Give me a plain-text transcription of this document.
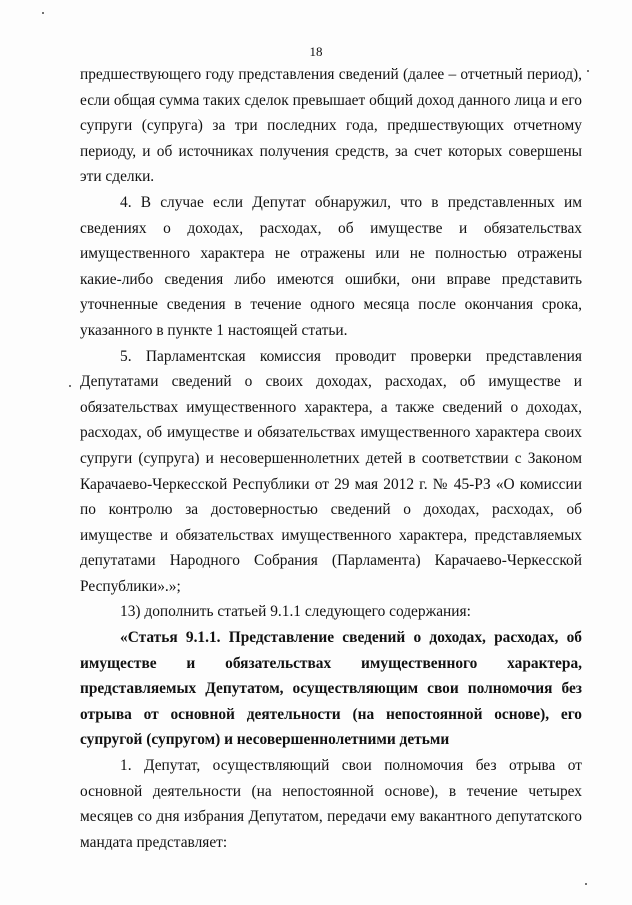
18

предшествующего году представления сведений (далее – отчетный период), если общая сумма таких сделок превышает общий доход данного лица и его супруги (супруга) за три последних года, предшествующих отчетному периоду, и об источниках получения средств, за счет которых совершены эти сделки.

4. В случае если Депутат обнаружил, что в представленных им сведениях о доходах, расходах, об имуществе и обязательствах имущественного характера не отражены или не полностью отражены какие-либо сведения либо имеются ошибки, они вправе представить уточненные сведения в течение одного месяца после окончания срока, указанного в пункте 1 настоящей статьи.

5. Парламентская комиссия проводит проверки представления Депутатами сведений о своих доходах, расходах, об имуществе и обязательствах имущественного характера, а также сведений о доходах, расходах, об имуществе и обязательствах имущественного характера своих супруги (супруга) и несовершеннолетних детей в соответствии с Законом Карачаево-Черкесской Республики от 29 мая 2012 г. № 45-РЗ «О комиссии по контролю за достоверностью сведений о доходах, расходах, об имуществе и обязательствах имущественного характера, представляемых депутатами Народного Собрания (Парламента) Карачаево-Черкесской Республики».»;

13) дополнить статьей 9.1.1 следующего содержания:

«Статья 9.1.1. Представление сведений о доходах, расходах, об имуществе и обязательствах имущественного характера, представляемых Депутатом, осуществляющим свои полномочия без отрыва от основной деятельности (на непостоянной основе), его супругой (супругом) и несовершеннолетними детьми

1. Депутат, осуществляющий свои полномочия без отрыва от основной деятельности (на непостоянной основе), в течение четырех месяцев со дня избрания Депутатом, передачи ему вакантного депутатского мандата представляет:
